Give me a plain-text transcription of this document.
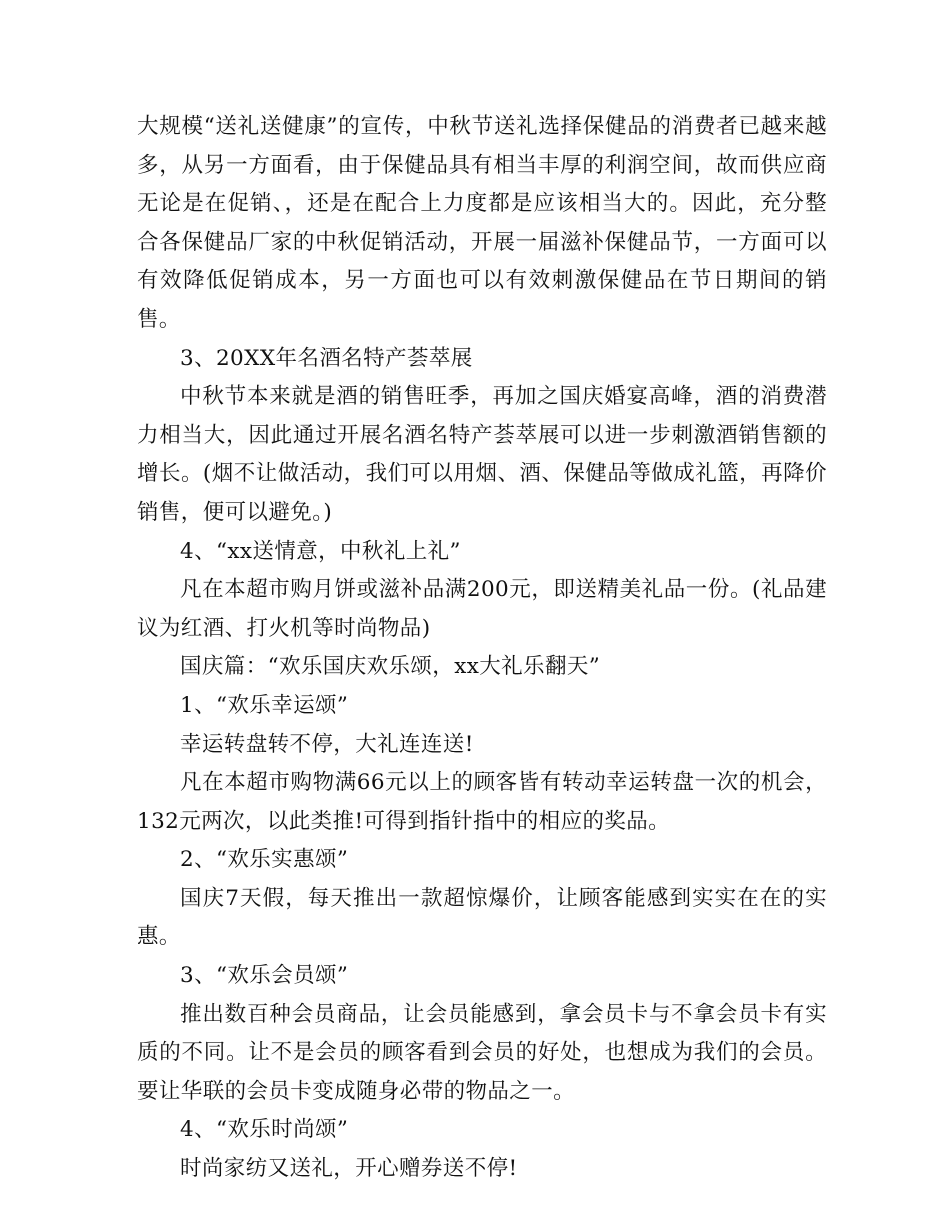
大规模“送礼送健康”的宣传，中秋节送礼选择保健品的消费者已越来越多，从另一方面看，由于保健品具有相当丰厚的利润空间，故而供应商无论是在促销、，还是在配合上力度都是应该相当大的。因此，充分整合各保健品厂家的中秋促销活动，开展一届滋补保健品节，一方面可以有效降低促销成本，另一方面也可以有效刺激保健品在节日期间的销售。

3、20XX年名酒名特产荟萃展

中秋节本来就是酒的销售旺季，再加之国庆婚宴高峰，酒的消费潜力相当大，因此通过开展名酒名特产荟萃展可以进一步刺激酒销售额的增长。(烟不让做活动，我们可以用烟、酒、保健品等做成礼篮，再降价销售，便可以避免。)

4、“xx送情意，中秋礼上礼”

凡在本超市购月饼或滋补品满200元，即送精美礼品一份。(礼品建议为红酒、打火机等时尚物品)

国庆篇：“欢乐国庆欢乐颂，xx大礼乐翻天”

1、“欢乐幸运颂”

幸运转盘转不停，大礼连连送!

凡在本超市购物满66元以上的顾客皆有转动幸运转盘一次的机会，132元两次，以此类推!可得到指针指中的相应的奖品。

2、“欢乐实惠颂”

国庆7天假，每天推出一款超惊爆价，让顾客能感到实实在在的实惠。

3、“欢乐会员颂”

推出数百种会员商品，让会员能感到，拿会员卡与不拿会员卡有实质的不同。让不是会员的顾客看到会员的好处，也想成为我们的会员。要让华联的会员卡变成随身必带的物品之一。

4、“欢乐时尚颂”

时尚家纺又送礼，开心赠券送不停!
